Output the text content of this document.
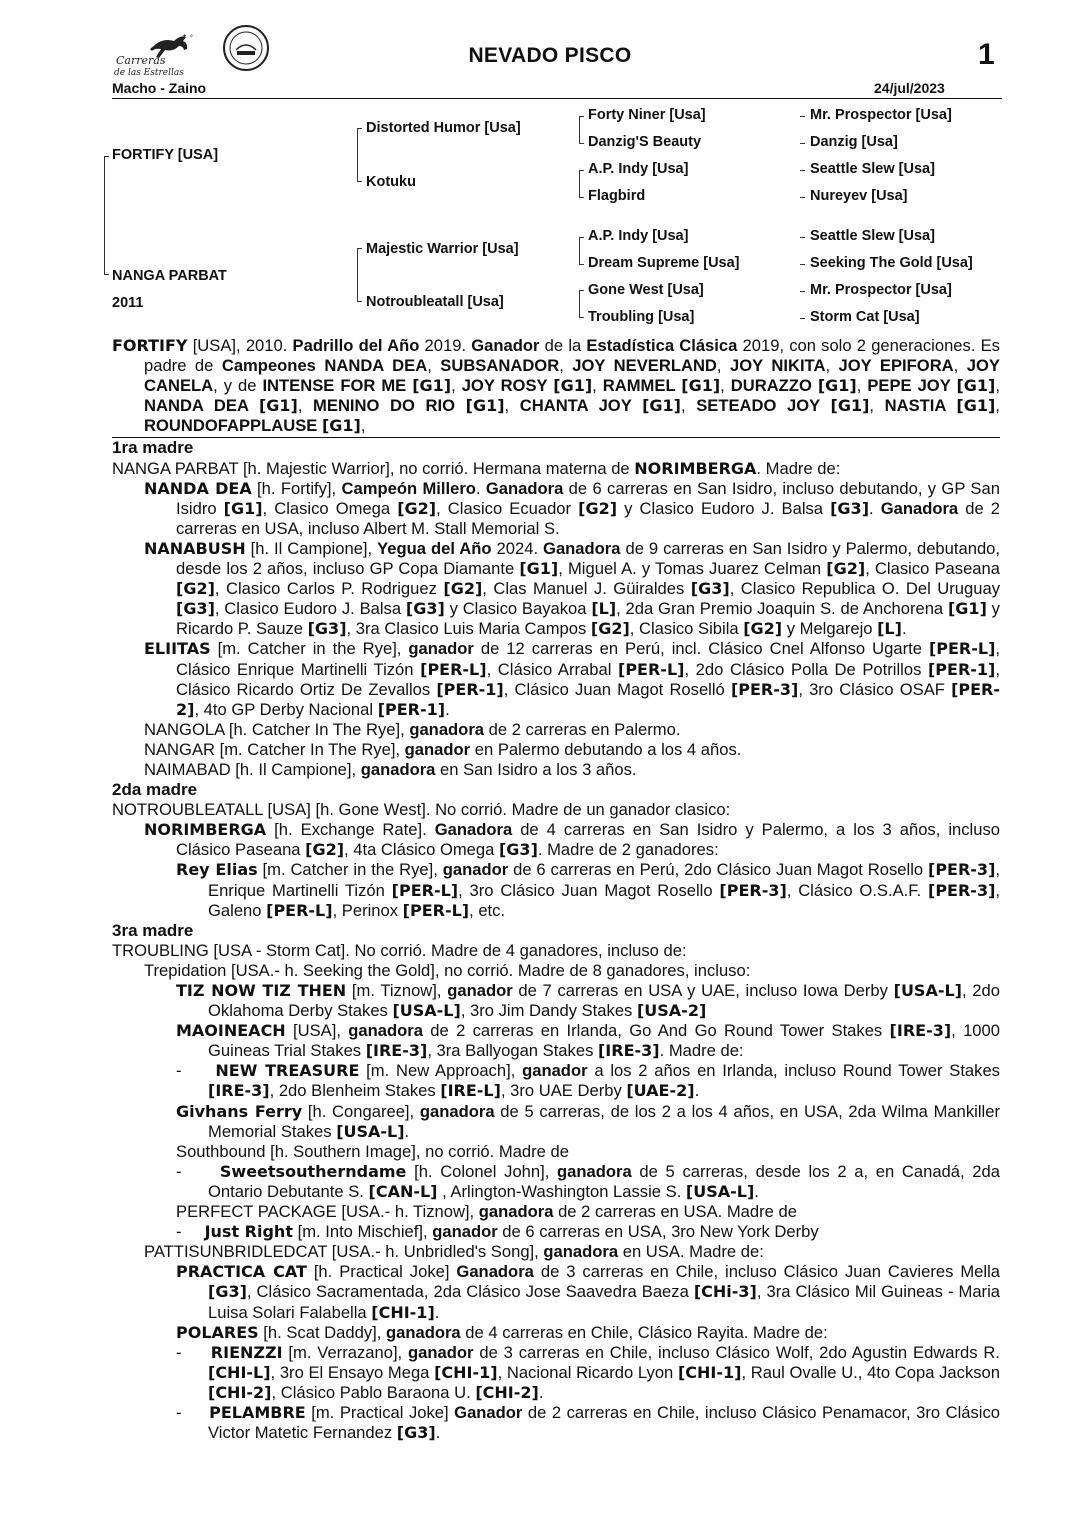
✦ ✧
Carreras
de las Estrellas
NEVADO PISCO	1
Macho - Zaino	24/jul/2023
FORTIFY [USA]
NANGA PARBAT
2011
Distorted Humor [Usa]
Kotuku
Majestic Warrior [Usa]
Notroubleatall [Usa]
Forty Niner [Usa]
Danzig'S Beauty
A.P. Indy [Usa]
Flagbird
A.P. Indy [Usa]
Dream Supreme [Usa]
Gone West [Usa]
Troubling [Usa]
Mr. Prospector [Usa]
Danzig [Usa]
Seattle Slew [Usa]
Nureyev [Usa]
Seattle Slew [Usa]
Seeking The Gold [Usa]
Mr. Prospector [Usa]
Storm Cat [Usa]
FORTIFY [USA], 2010. Padrillo del Año 2019. Ganador de la Estadística Clásica 2019, con solo 2 generaciones. Es padre de Campeones NANDA DEA, SUBSANADOR, JOY NEVERLAND, JOY NIKITA, JOY EPIFORA, JOY CANELA, y de INTENSE FOR ME [G1], JOY ROSY [G1], RAMMEL [G1], DURAZZO [G1], PEPE JOY [G1], NANDA DEA [G1], MENINO DO RIO [G1], CHANTA JOY [G1], SETEADO JOY [G1], NASTIA [G1], ROUNDOFAPPLAUSE [G1],
1ra madre
NANGA PARBAT [h. Majestic Warrior], no corrió. Hermana materna de NORIMBERGA. Madre de:
NANDA DEA [h. Fortify], Campeón Millero. Ganadora de 6 carreras en San Isidro, incluso debutando, y GP San Isidro [G1], Clasico Omega [G2], Clasico Ecuador [G2] y Clasico Eudoro J. Balsa [G3]. Ganadora de 2 carreras en USA, incluso Albert M. Stall Memorial S.
NANABUSH [h. Il Campione], Yegua del Año 2024. Ganadora de 9 carreras en San Isidro y Palermo, debutando, desde los 2 años, incluso GP Copa Diamante [G1], Miguel A. y Tomas Juarez Celman [G2], Clasico Paseana [G2], Clasico Carlos P. Rodriguez [G2], Clas Manuel J. Güiraldes [G3], Clasico Republica O. Del Uruguay [G3], Clasico Eudoro J. Balsa [G3] y Clasico Bayakoa [L], 2da Gran Premio Joaquin S. de Anchorena [G1] y Ricardo P. Sauze [G3], 3ra Clasico Luis Maria Campos [G2], Clasico Sibila [G2] y Melgarejo [L].
ELIITAS [m. Catcher in the Rye], ganador de 12 carreras en Perú, incl. Clásico Cnel Alfonso Ugarte [PER-L], Clásico Enrique Martinelli Tizón [PER-L], Clásico Arrabal [PER-L], 2do Clásico Polla De Potrillos [PER-1], Clásico Ricardo Ortiz De Zevallos [PER-1], Clásico Juan Magot Roselló [PER-3], 3ro Clásico OSAF [PER-2], 4to GP Derby Nacional [PER-1].
NANGOLA [h. Catcher In The Rye], ganadora de 2 carreras en Palermo.
NANGAR [m. Catcher In The Rye], ganador en Palermo debutando a los 4 años.
NAIMABAD [h. Il Campione], ganadora en San Isidro a los 3 años.
2da madre
NOTROUBLEATALL [USA] [h. Gone West]. No corrió. Madre de un ganador clasico:
NORIMBERGA [h. Exchange Rate]. Ganadora de 4 carreras en San Isidro y Palermo, a los 3 años, incluso Clásico Paseana [G2], 4ta Clásico Omega [G3]. Madre de 2 ganadores:
Rey Elias [m. Catcher in the Rye], ganador de 6 carreras en Perú, 2do Clásico Juan Magot Rosello [PER-3], Enrique Martinelli Tizón [PER-L], 3ro Clásico Juan Magot Rosello [PER-3], Clásico O.S.A.F. [PER-3], Galeno [PER-L], Perinox [PER-L], etc.
3ra madre
TROUBLING [USA - Storm Cat]. No corrió. Madre de 4 ganadores, incluso de:
Trepidation [USA.- h. Seeking the Gold], no corrió. Madre de 8 ganadores, incluso:
TIZ NOW TIZ THEN [m. Tiznow], ganador de 7 carreras en USA y UAE, incluso Iowa Derby [USA-L], 2do Oklahoma Derby Stakes [USA-L], 3ro Jim Dandy Stakes [USA-2]
MAOINEACH [USA], ganadora de 2 carreras en Irlanda, Go And Go Round Tower Stakes [IRE-3], 1000 Guineas Trial Stakes [IRE-3], 3ra Ballyogan Stakes [IRE-3]. Madre de:
-     NEW TREASURE [m. New Approach], ganador a los 2 años en Irlanda, incluso Round Tower Stakes [IRE-3], 2do Blenheim Stakes [IRE-L], 3ro UAE Derby [UAE-2].
Givhans Ferry [h. Congaree], ganadora de 5 carreras, de los 2 a los 4 años, en USA, 2da Wilma Mankiller Memorial Stakes [USA-L].
Southbound [h. Southern Image], no corrió. Madre de
-     Sweetsoutherndame [h. Colonel John], ganadora de 5 carreras, desde los 2 a, en Canadá, 2da Ontario Debutante S. [CAN-L] , Arlington-Washington Lassie S. [USA-L].
PERFECT PACKAGE [USA.- h. Tiznow], ganadora de 2 carreras en USA. Madre de
-     Just Right [m. Into Mischief], ganador de 6 carreras en USA, 3ro New York Derby
PATTISUNBRIDLEDCAT [USA.- h. Unbridled's Song], ganadora en USA. Madre de:
PRACTICA CAT [h. Practical Joke] Ganadora de 3 carreras en Chile, incluso Clásico Juan Cavieres Mella [G3], Clásico Sacramentada, 2da Clásico Jose Saavedra Baeza [CHi-3], 3ra Clásico Mil Guineas - Maria Luisa Solari Falabella [CHI-1].
POLARES [h. Scat Daddy], ganadora de 4 carreras en Chile, Clásico Rayita. Madre de:
-     RIENZZI [m. Verrazano], ganador de 3 carreras en Chile, incluso Clásico Wolf, 2do Agustin Edwards R. [CHI-L], 3ro El Ensayo Mega [CHI-1], Nacional Ricardo Lyon [CHI-1], Raul Ovalle U., 4to Copa Jackson [CHI-2], Clásico Pablo Baraona U. [CHI-2].
-     PELAMBRE [m. Practical Joke] Ganador de 2 carreras en Chile, incluso Clásico Penamacor, 3ro Clásico Victor Matetic Fernandez [G3].
